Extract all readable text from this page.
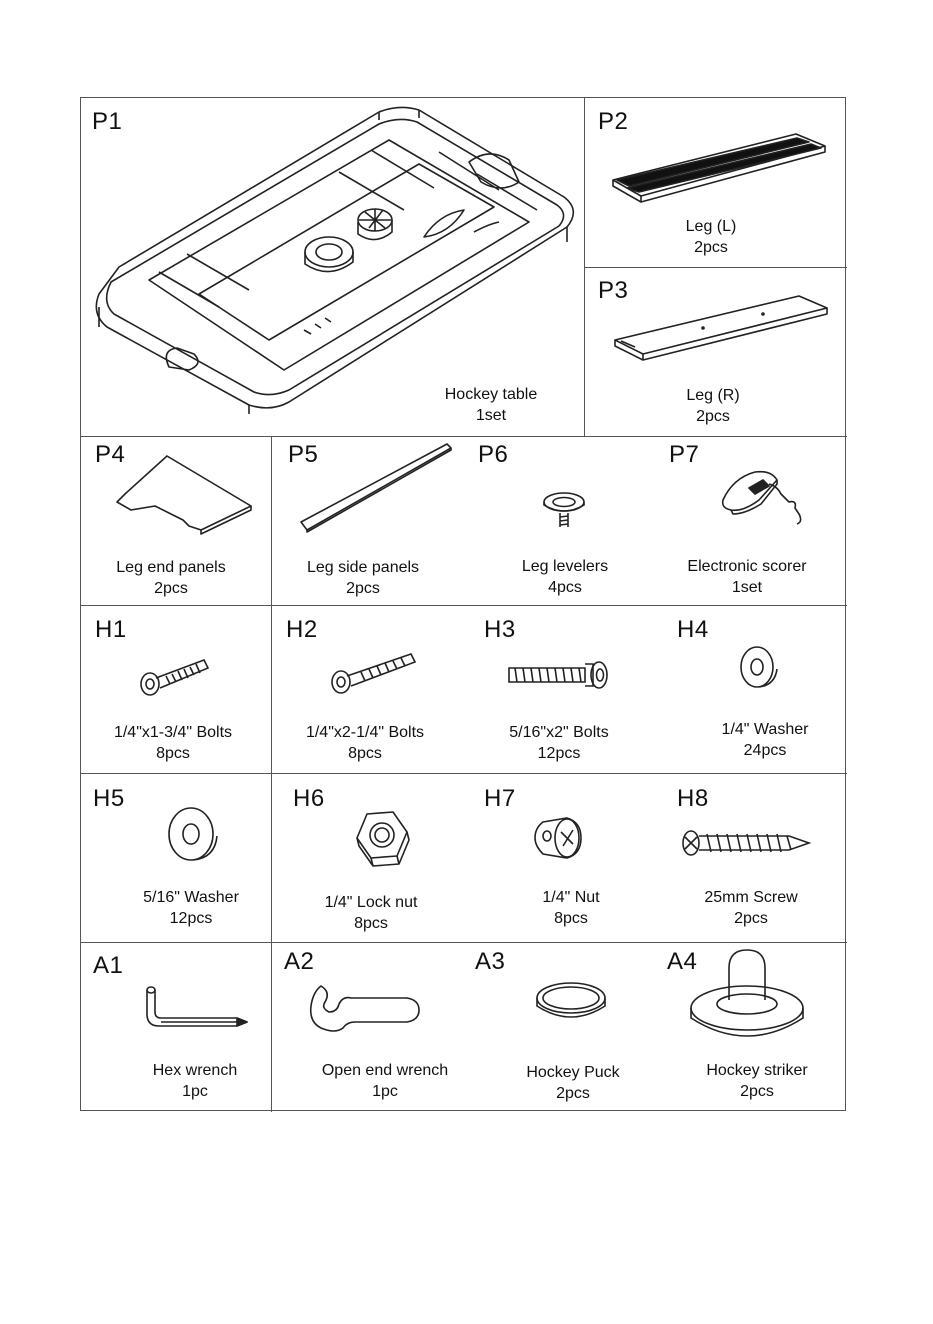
P1
Hockey table
1set
P2
Leg (L)
2pcs
P3
Leg (R)
2pcs
P4
Leg end panels
2pcs
P5
Leg side panels
2pcs
P6
Leg levelers
4pcs
P7
Electronic scorer
1set
H1
1/4"x1-3/4" Bolts
8pcs
H2
1/4"x2-1/4" Bolts
8pcs
H3
5/16"x2" Bolts
12pcs
H4
1/4" Washer
24pcs
H5
5/16" Washer
12pcs
H6
1/4" Lock nut
8pcs
H7
1/4" Nut
8pcs
H8
25mm Screw
2pcs
A1
Hex wrench
1pc
A2
Open end wrench
1pc
A3
Hockey Puck
2pcs
A4
Hockey striker
2pcs
